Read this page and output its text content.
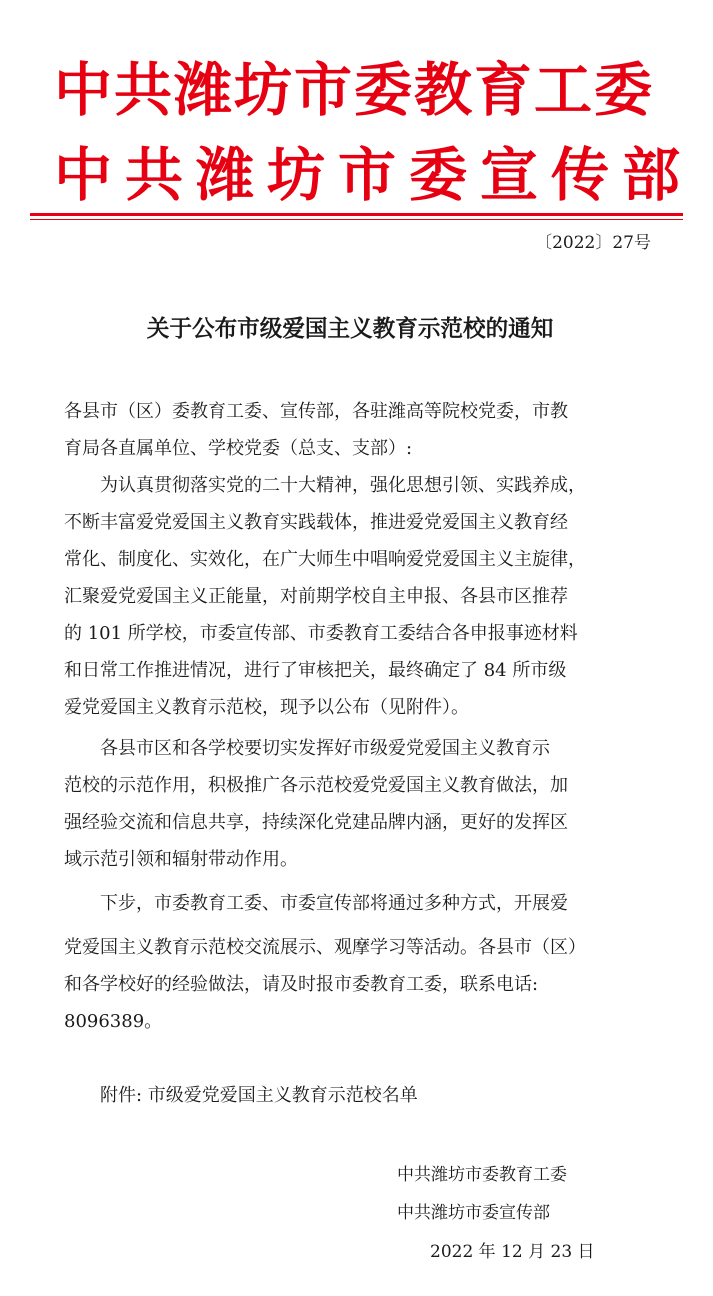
中共潍坊市委教育工委
中共潍坊市委宣传部
〔2022〕27号
关于公布市级爱国主义教育示范校的通知
各县市（区）委教育工委、宣传部，各驻潍高等院校党委，市教
育局各直属单位、学校党委（总支、支部）:
　　为认真贯彻落实党的二十大精神，强化思想引领、实践养成，
不断丰富爱党爱国主义教育实践载体，推进爱党爱国主义教育经
常化、制度化、实效化，在广大师生中唱响爱党爱国主义主旋律，
汇聚爱党爱国主义正能量，对前期学校自主申报、各县市区推荐
的 101 所学校，市委宣传部、市委教育工委结合各申报事迹材料
和日常工作推进情况，进行了审核把关，最终确定了 84 所市级
爱党爱国主义教育示范校，现予以公布（见附件）。
　　各县市区和各学校要切实发挥好市级爱党爱国主义教育示
范校的示范作用，积极推广各示范校爱党爱国主义教育做法，加
强经验交流和信息共享，持续深化党建品牌内涵，更好的发挥区
域示范引领和辐射带动作用。
　　下步，市委教育工委、市委宣传部将通过多种方式，开展爱
党爱国主义教育示范校交流展示、观摩学习等活动。各县市（区）
和各学校好的经验做法，请及时报市委教育工委，联系电话:
8096389。
附件: 市级爱党爱国主义教育示范校名单
中共潍坊市委教育工委
中共潍坊市委宣传部
2022 年 12 月 23 日
